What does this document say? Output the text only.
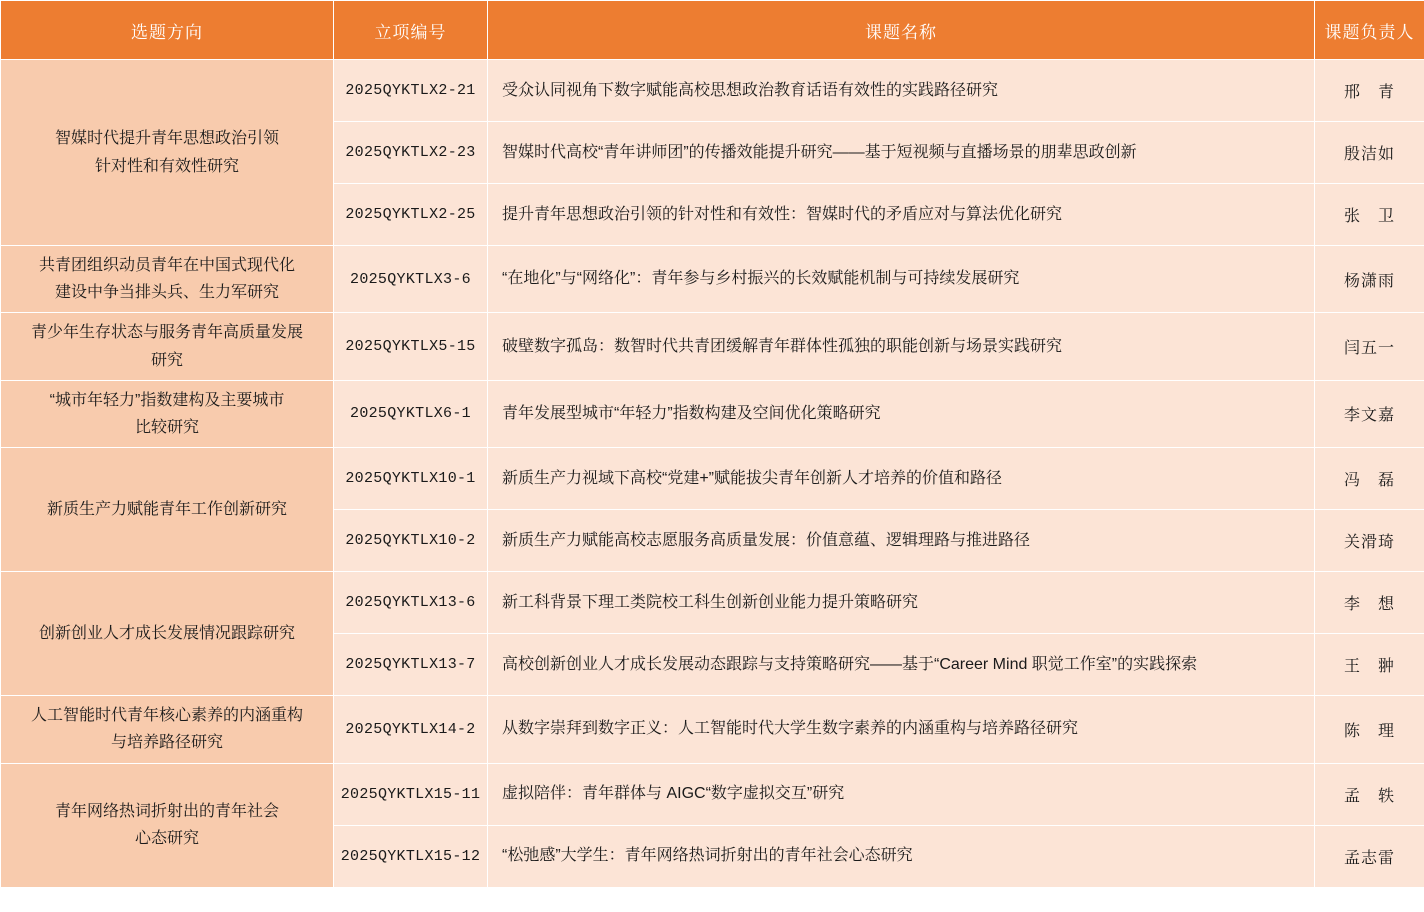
选题方向	立项编号	课题名称	课题负责人
智媒时代提升青年思想政治引领
针对性和有效性研究	2025QYKTLX2-21	受众认同视角下数字赋能高校思想政治教育话语有效性的实践路径研究	邢　青
	2025QYKTLX2-23	智媒时代高校“青年讲师团”的传播效能提升研究——基于短视频与直播场景的朋辈思政创新	殷洁如
	2025QYKTLX2-25	提升青年思想政治引领的针对性和有效性：智媒时代的矛盾应对与算法优化研究	张　卫
共青团组织动员青年在中国式现代化
建设中争当排头兵、生力军研究	2025QYKTLX3-6	“在地化”与“网络化”：青年参与乡村振兴的长效赋能机制与可持续发展研究	杨潇雨
青少年生存状态与服务青年高质量发展
研究	2025QYKTLX5-15	破壁数字孤岛：数智时代共青团缓解青年群体性孤独的职能创新与场景实践研究	闫五一
“城市年轻力”指数建构及主要城市
比较研究	2025QYKTLX6-1	青年发展型城市“年轻力”指数构建及空间优化策略研究	李文嘉
新质生产力赋能青年工作创新研究	2025QYKTLX10-1	新质生产力视域下高校“党建+”赋能拔尖青年创新人才培养的价值和路径	冯　磊
	2025QYKTLX10-2	新质生产力赋能高校志愿服务高质量发展：价值意蕴、逻辑理路与推进路径	关滑琦
创新创业人才成长发展情况跟踪研究	2025QYKTLX13-6	新工科背景下理工类院校工科生创新创业能力提升策略研究	李　想
	2025QYKTLX13-7	高校创新创业人才成长发展动态跟踪与支持策略研究——基于“Career Mind 职觉工作室”的实践探索	王　翀
人工智能时代青年核心素养的内涵重构
与培养路径研究	2025QYKTLX14-2	从数字崇拜到数字正义：人工智能时代大学生数字素养的内涵重构与培养路径研究	陈　理
青年网络热词折射出的青年社会
心态研究	2025QYKTLX15-11	虚拟陪伴：青年群体与 AIGC“数字虚拟交互”研究	孟　轶
	2025QYKTLX15-12	“松弛感”大学生：青年网络热词折射出的青年社会心态研究	孟志雷
